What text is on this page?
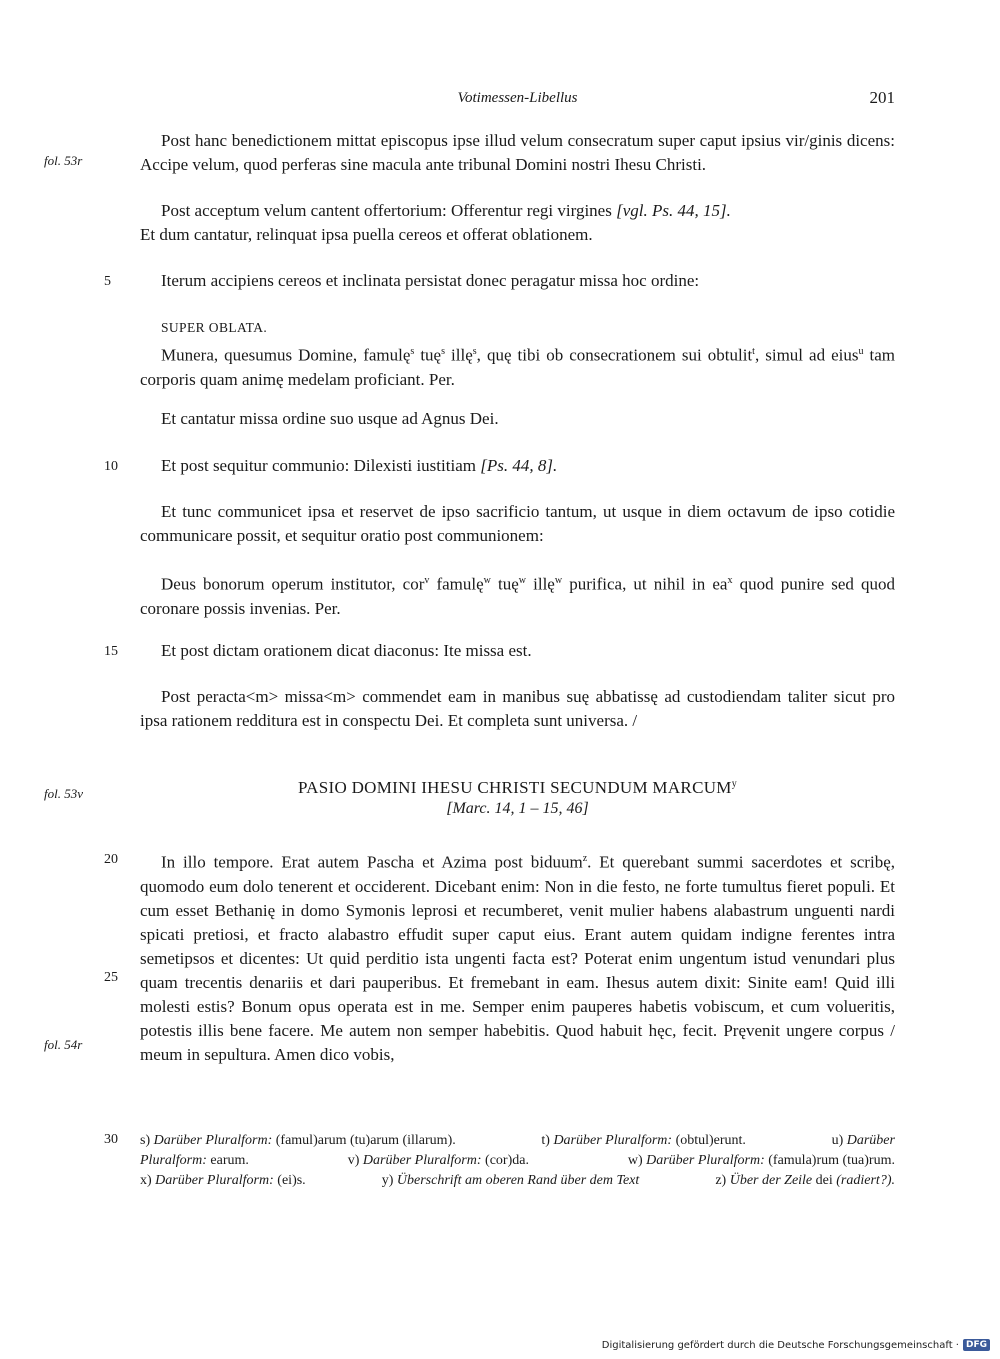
Votimessen-Libellus	201
fol. 53r
fol. 53v
fol. 54r
5
10
15
20
25
30

Post hanc benedictionem mittat episcopus ipse illud velum consecratum super caput ipsius vir/ginis dicens: Accipe velum, quod perferas sine macula ante tribunal Domini nostri Ihesu Christi.

Post acceptum velum cantent offertorium: Offerentur regi virgines [vgl. Ps. 44, 15].

Et dum cantatur, relinquat ipsa puella cereos et offerat oblationem.

Iterum accipiens cereos et inclinata persistat donec peragatur missa hoc ordine:

SUPER OBLATA.

Munera, quesumus Domine, famulę$^s$ tuę$^s$ illę$^s$, quę tibi ob consecrationem sui obtulit$^t$, simul ad eius$^u$ tam corporis quam animę medelam proficiant. Per.

Et cantatur missa ordine suo usque ad Agnus Dei.

Et post sequitur communio: Dilexisti iustitiam [Ps. 44, 8].

Et tunc communicet ipsa et reservet de ipso sacrificio tantum, ut usque in diem octavum de ipso cotidie communicare possit, et sequitur oratio post communionem:

Deus bonorum operum institutor, cor$^v$ famulę$^w$ tuę$^w$ illę$^w$ purifica, ut nihil in $ea^x$ quod punire sed quod coronare possis invenias. Per.

Et post dictam orationem dicat diaconus: Ite missa est.

Post peracta<m> missa<m> commendet eam in manibus suę abbatissę ad custodiendam taliter sicut pro ipsa rationem redditura est in conspectu Dei. Et completa sunt universa. /

PASIO DOMINI IHESU CHRISTI SECUNDUM MARCUM$^y$
[Marc. 14, 1 – 15, 46]

In illo tempore. Erat autem Pascha et Azima post biduum$^z$. Et querebant summi sacerdotes et scribę, quomodo eum dolo tenerent et occiderent. Dicebant enim: Non in die festo, ne forte tumultus fieret populi. Et cum esset Bethanię in domo Symonis leprosi et recumberet, venit mulier habens alabastrum unguenti nardi spicati pretiosi, et fracto alabastro effudit super caput eius. Erant autem quidam indigne ferentes intra semetipsos et dicentes: Ut quid perditio ista ungenti facta est? Poterat enim ungentum istud venundari plus quam trecentis denariis et dari pauperibus. Et fremebant in eam. Ihesus autem dixit: Sinite eam! Quid illi molesti estis? Bonum opus operata est in me. Semper enim pauperes habetis vobiscum, et cum volueritis, potestis illis bene facere. Me autem non semper habebitis. Quod habuit hęc, fecit. Pręvenit ungere corpus / meum in sepultura. Amen dico vobis,

s) Darüber Pluralform: (famul)arum (tu)arum (illarum).	t) Darüber Pluralform: (obtul)erunt.	u) Darüber
Pluralform: earum.	v) Darüber Pluralform: (cor)da.	w) Darüber Pluralform: (famula)rum (tua)rum.
x) Darüber Pluralform: (ei)s.	y) Überschrift am oberen Rand über dem Text	z) Über der Zeile dei (radiert?).
Digitalisierung gefördert durch die Deutsche Forschungsgemeinschaft · DFG
